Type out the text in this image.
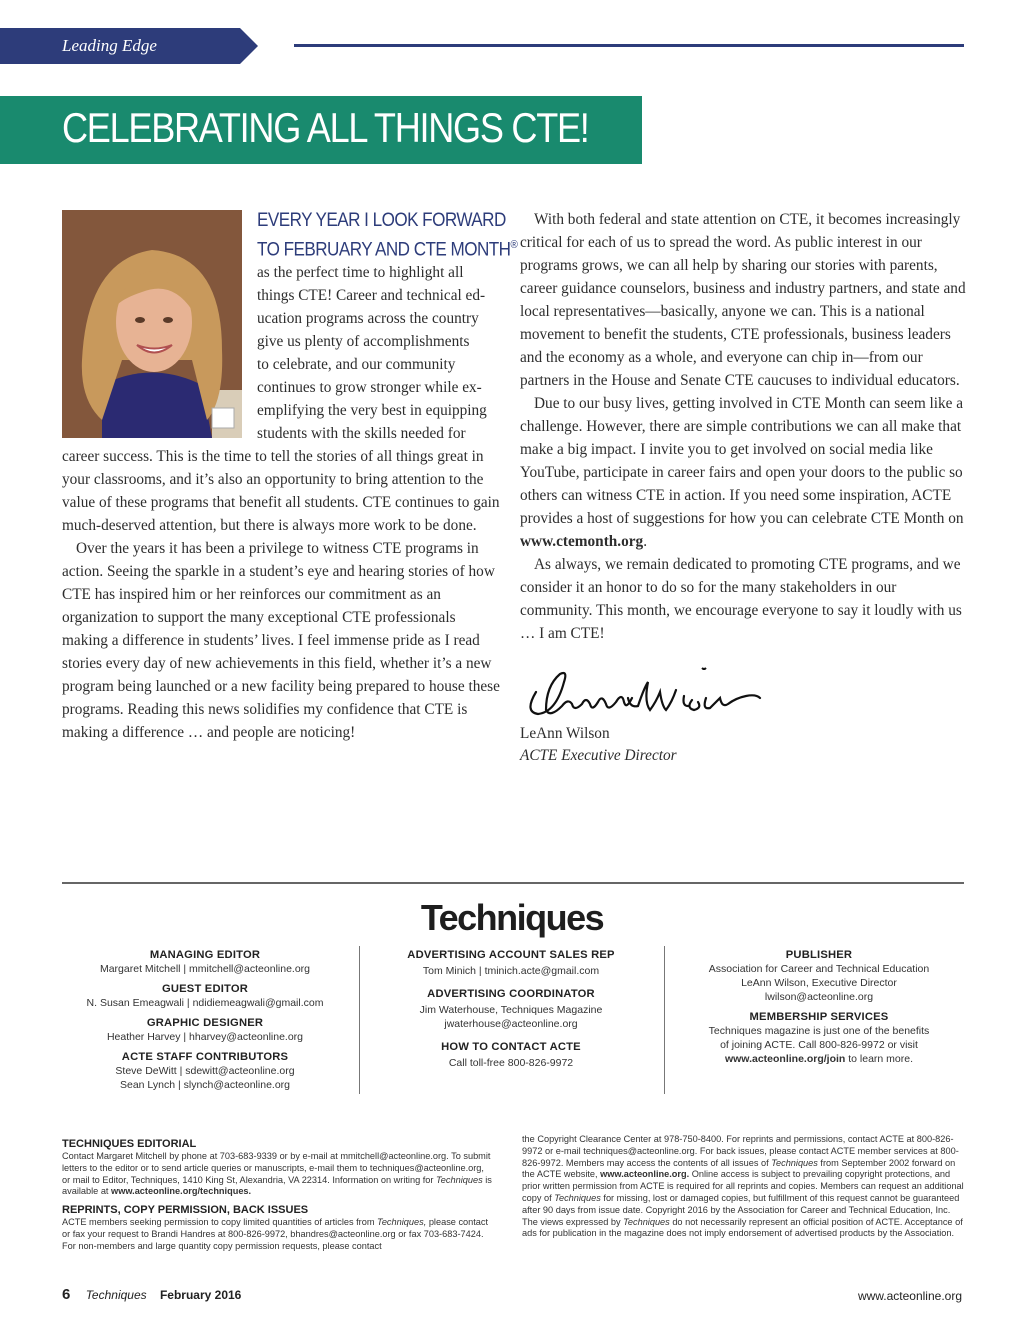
Leading Edge
CELEBRATING ALL THINGS CTE!
EVERY YEAR I LOOK FORWARD
TO FEBRUARY AND CTE MONTH®
as the perfect time to highlight all
things CTE! Career and technical ed-
ucation programs across the country
give us plenty of accomplishments
to celebrate, and our community
continues to grow stronger while ex-
emplifying the very best in equipping
students with the skills needed for

career success. This is the time to tell the stories of all things great in your classrooms, and it’s also an opportunity to bring attention to the value of these programs that benefit all students. CTE continues to gain much-deserved attention, but there is always more work to be done.

Over the years it has been a privilege to witness CTE programs in action. Seeing the sparkle in a student’s eye and hearing stories of how CTE has inspired him or her reinforces our commitment as an organization to support the many exceptional CTE professionals making a difference in students’ lives. I feel immense pride as I read stories every day of new achievements in this field, whether it’s a new program being launched or a new facility being prepared to house these programs. Reading this news solidifies my confidence that CTE is making a difference … and people are noticing!

With both federal and state attention on CTE, it becomes increasingly critical for each of us to spread the word. As public interest in our programs grows, we can all help by sharing our stories with parents, career guidance counselors, business and industry partners, and state and local representatives—basically, anyone we can. This is a national movement to benefit the students, CTE professionals, business leaders and the economy as a whole, and everyone can chip in—from our partners in the House and Senate CTE caucuses to individual educators.

Due to our busy lives, getting involved in CTE Month can seem like a challenge. However, there are simple contributions we can all make that make a big impact. I invite you to get involved on social media like YouTube, participate in career fairs and open your doors to the public so others can witness CTE in action. If you need some inspiration, ACTE provides a host of suggestions for how you can celebrate CTE Month on www.ctemonth.org.

As always, we remain dedicated to promoting CTE programs, and we consider it an honor to do so for the many stakeholders in our community. This month, we encourage everyone to say it loudly with us … I am CTE!

LeAnn Wilson
ACTE Executive Director
Techniques
MANAGING EDITOR
Margaret Mitchell | mmitchell@acteonline.org
GUEST EDITOR
N. Susan Emeagwali | ndidiemeagwali@gmail.com
GRAPHIC DESIGNER
Heather Harvey | hharvey@acteonline.org
ACTE STAFF CONTRIBUTORS
Steve DeWitt | sdewitt@acteonline.org
Sean Lynch | slynch@acteonline.org
ADVERTISING ACCOUNT SALES REP
Tom Minich | tminich.acte@gmail.com
ADVERTISING COORDINATOR
Jim Waterhouse, Techniques Magazine
jwaterhouse@acteonline.org
HOW TO CONTACT ACTE
Call toll-free 800-826-9972
PUBLISHER
Association for Career and Technical Education
LeAnn Wilson, Executive Director
lwilson@acteonline.org
MEMBERSHIP SERVICES
Techniques magazine is just one of the benefits
of joining ACTE. Call 800-826-9972 or visit
www.acteonline.org/join to learn more.
TECHNIQUES EDITORIAL
Contact Margaret Mitchell by phone at 703-683-9339 or by e-mail at mmitchell@acteonline.org. To submit letters to the editor or to send article queries or manuscripts, e-mail them to techniques@acteonline.org, or mail to Editor, Techniques, 1410 King St, Alexandria, VA 22314. Information on writing for Techniques is available at www.acteonline.org/techniques.
REPRINTS, COPY PERMISSION, BACK ISSUES
ACTE members seeking permission to copy limited quantities of articles from Techniques, please contact or fax your request to Brandi Handres at 800-826-9972, bhandres@acteonline.org or fax 703-683-7424. For non-members and large quantity copy permission requests, please contact
the Copyright Clearance Center at 978-750-8400. For reprints and permissions, contact ACTE at 800-826-9972 or e-mail techniques@acteonline.org. For back issues, please contact ACTE member services at 800-826-9972. Members may access the contents of all issues of Techniques from September 2002 forward on the ACTE website, www.acteonline.org. Online access is subject to prevailing copyright protections, and prior written permission from ACTE is required for all reprints and copies. Members can request an additional copy of Techniques for missing, lost or damaged copies, but fulfillment of this request cannot be guaranteed after 90 days from issue date. Copyright 2016 by the Association for Career and Technical Education, Inc. The views expressed by Techniques do not necessarily represent an official position of ACTE. Acceptance of ads for publication in the magazine does not imply endorsement of advertised products by the Association.
6 Techniques February 2016	www.acteonline.org
